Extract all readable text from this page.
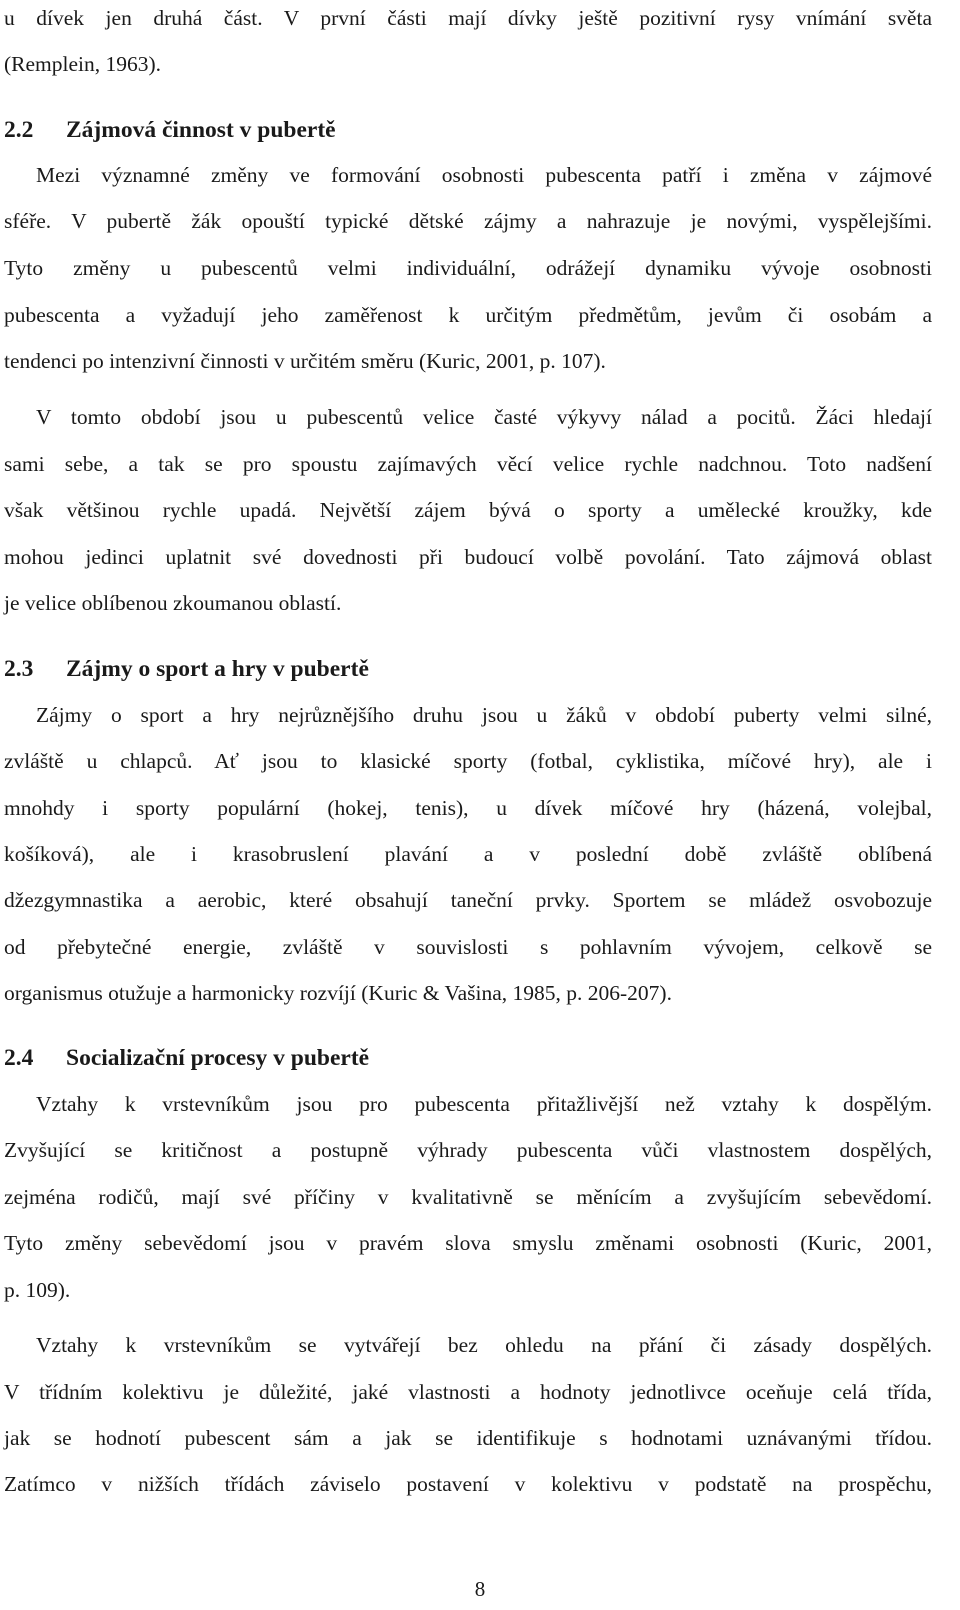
u dívek jen druhá část. V první části mají dívky ještě pozitivní rysy vnímání světa
(Remplein, 1963).
2.2 Zájmová činnost v pubertě
Mezi významné změny ve formování osobnosti pubescenta patří i změna v zájmové
sféře. V pubertě žák opouští typické dětské zájmy a nahrazuje je novými, vyspělejšími.
Tyto změny u pubescentů velmi individuální, odrážejí dynamiku vývoje osobnosti
pubescenta a vyžadují jeho zaměřenost k určitým předmětům, jevům či osobám a
tendenci po intenzivní činnosti v určitém směru (Kuric, 2001, p. 107).
V tomto období jsou u pubescentů velice časté výkyvy nálad a pocitů. Žáci hledají
sami sebe, a tak se pro spoustu zajímavých věcí velice rychle nadchnou. Toto nadšení
však většinou rychle upadá. Největší zájem bývá o sporty a umělecké kroužky, kde
mohou jedinci uplatnit své dovednosti při budoucí volbě povolání. Tato zájmová oblast
je velice oblíbenou zkoumanou oblastí.
2.3 Zájmy o sport a hry v pubertě
Zájmy o sport a hry nejrůznějšího druhu jsou u žáků v období puberty velmi silné,
zvláště u chlapců. Ať jsou to klasické sporty (fotbal, cyklistika, míčové hry), ale i
mnohdy i sporty populární (hokej, tenis), u dívek míčové hry (házená, volejbal,
košíková), ale i krasobruslení plavání a v poslední době zvláště oblíbená
džezgymnastika a aerobic, které obsahují taneční prvky. Sportem se mládež osvobozuje
od přebytečné energie, zvláště v souvislosti s pohlavním vývojem, celkově se
organismus otužuje a harmonicky rozvíjí (Kuric & Vašina, 1985, p. 206-207).
2.4 Socializační procesy v pubertě
Vztahy k vrstevníkům jsou pro pubescenta přitažlivější než vztahy k dospělým.
Zvyšující se kritičnost a postupně výhrady pubescenta vůči vlastnostem dospělých,
zejména rodičů, mají své příčiny v kvalitativně se měnícím a zvyšujícím sebevědomí.
Tyto změny sebevědomí jsou v pravém slova smyslu změnami osobnosti (Kuric, 2001,
p. 109).
Vztahy k vrstevníkům se vytvářejí bez ohledu na přání či zásady dospělých.
V třídním kolektivu je důležité, jaké vlastnosti a hodnoty jednotlivce oceňuje celá třída,
jak se hodnotí pubescent sám a jak se identifikuje s hodnotami uznávanými třídou.
Zatímco v nižších třídách záviselo postavení v kolektivu v podstatě na prospěchu,
8
